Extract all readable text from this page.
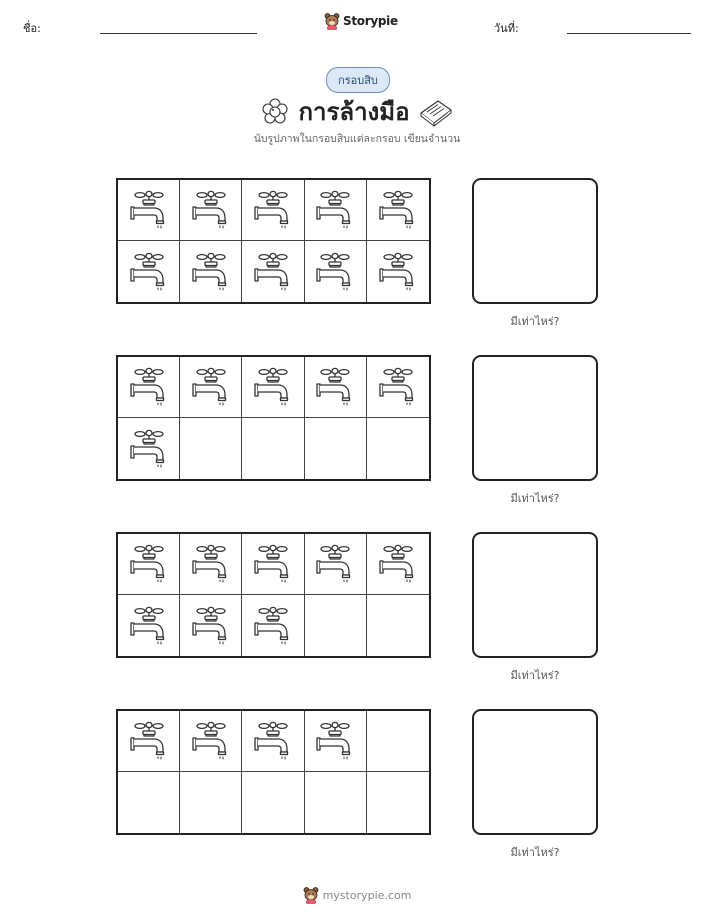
ชื่อ:
Storypie
วันที่:
กรอบสิบ
การล้างมือ
นับรูปภาพในกรอบสิบแต่ละกรอบ เขียนจำนวน
มีเท่าไหร่?
มีเท่าไหร่?
มีเท่าไหร่?
มีเท่าไหร่?
mystorypie.com
